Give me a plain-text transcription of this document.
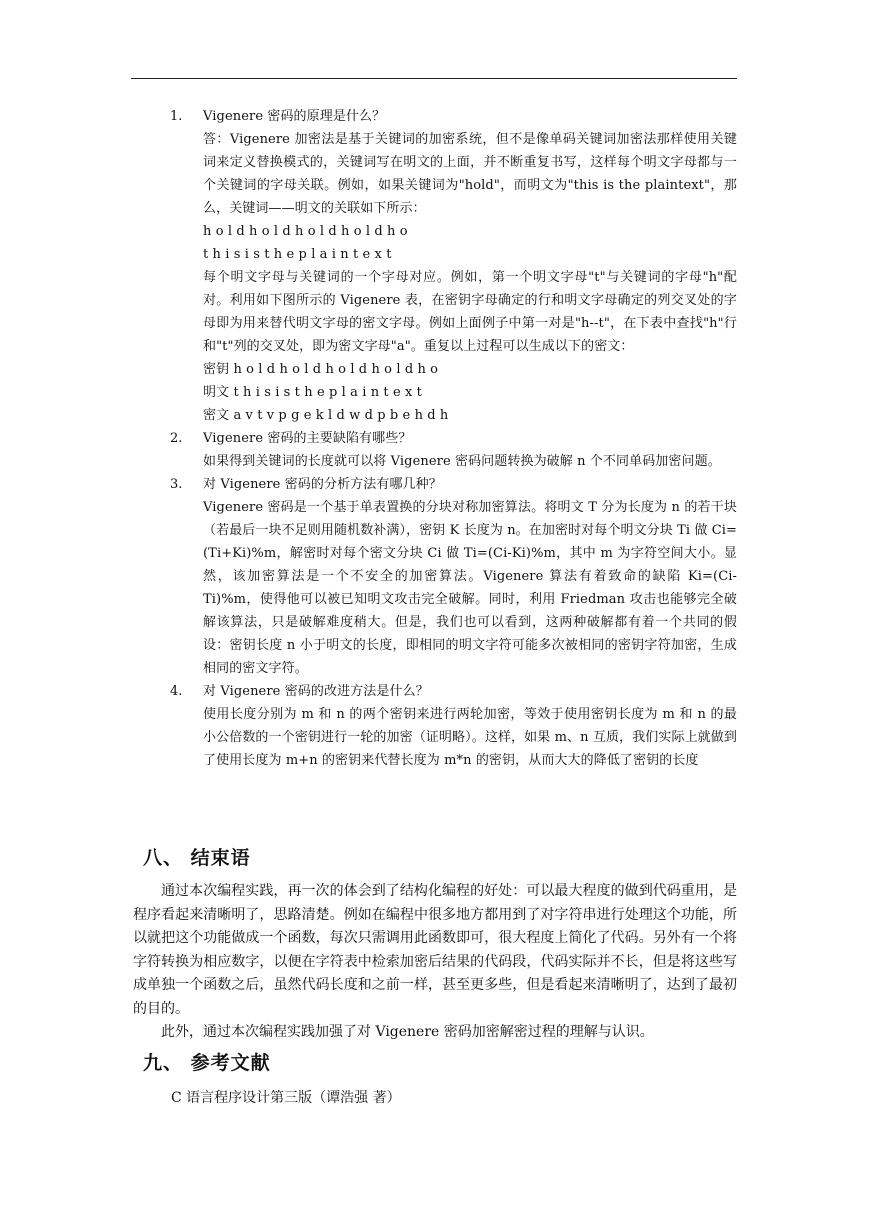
1.	Vigenere 密码的原理是什么？

答：Vigenere 加密法是基于关键词的加密系统，但不是像单码关键词加密法那样使用关键词来定义替换模式的，关键词写在明文的上面，并不断重复书写，这样每个明文字母都与一个关键词的字母关联。例如，如果关键词为"hold"，而明文为"this is the plaintext"，那么，关键词——明文的关联如下所示：

h o l d h o l d h o l d h o l d h o

t h i s i s t h e p l a i n t e x t

每个明文字母与关键词的一个字母对应。例如，第一个明文字母"t"与关键词的字母"h"配对。利用如下图所示的 Vigenere 表，在密钥字母确定的行和明文字母确定的列交叉处的字母即为用来替代明文字母的密文字母。例如上面例子中第一对是"h--t"，在下表中查找"h"行和"t"列的交叉处，即为密文字母"a"。重复以上过程可以生成以下的密文：

密钥 h o l d h o l d h o l d h o l d h o

明文 t h i s i s t h e p l a i n t e x t

密文 a v t v p g e k l d w d p b e h d h

2.	Vigenere 密码的主要缺陷有哪些？
如果得到关键词的长度就可以将 Vigenere 密码问题转换为破解 n 个不同单码加密问题。
3.	对 Vigenere 密码的分析方法有哪几种？
Vigenere 密码是一个基于单表置换的分块对称加密算法。将明文 T 分为长度为 n 的若干块（若最后一块不足则用随机数补满），密钥 K 长度为 n。在加密时对每个明文分块 Ti 做 Ci=(Ti+Ki)%m，解密时对每个密文分块 Ci 做 Ti=(Ci-Ki)%m，其中 m 为字符空间大小。显然，该加密算法是一个不安全的加密算法。Vigenere 算法有着致命的缺陷 Ki=(Ci-Ti)%m，使得他可以被已知明文攻击完全破解。同时，利用 Friedman 攻击也能够完全破解该算法，只是破解难度稍大。但是，我们也可以看到，这两种破解都有着一个共同的假设：密钥长度 n 小于明文的长度，即相同的明文字符可能多次被相同的密钥字符加密，生成相同的密文字符。
4.	对 Vigenere 密码的改进方法是什么？
使用长度分别为 m 和 n 的两个密钥来进行两轮加密，等效于使用密钥长度为 m 和 n 的最小公倍数的一个密钥进行一轮的加密（证明略）。这样，如果 m、n 互质，我们实际上就做到了使用长度为 m+n 的密钥来代替长度为 m*n 的密钥，从而大大的降低了密钥的长度
八、 结束语

通过本次编程实践，再一次的体会到了结构化编程的好处：可以最大程度的做到代码重用，是程序看起来清晰明了，思路清楚。例如在编程中很多地方都用到了对字符串进行处理这个功能，所以就把这个功能做成一个函数，每次只需调用此函数即可，很大程度上简化了代码。另外有一个将字符转换为相应数字，以便在字符表中检索加密后结果的代码段，代码实际并不长，但是将这些写成单独一个函数之后，虽然代码长度和之前一样，甚至更多些，但是看起来清晰明了，达到了最初的目的。

此外，通过本次编程实践加强了对 Vigenere 密码加密解密过程的理解与认识。

九、 参考文献
C 语言程序设计第三版（谭浩强 著）
